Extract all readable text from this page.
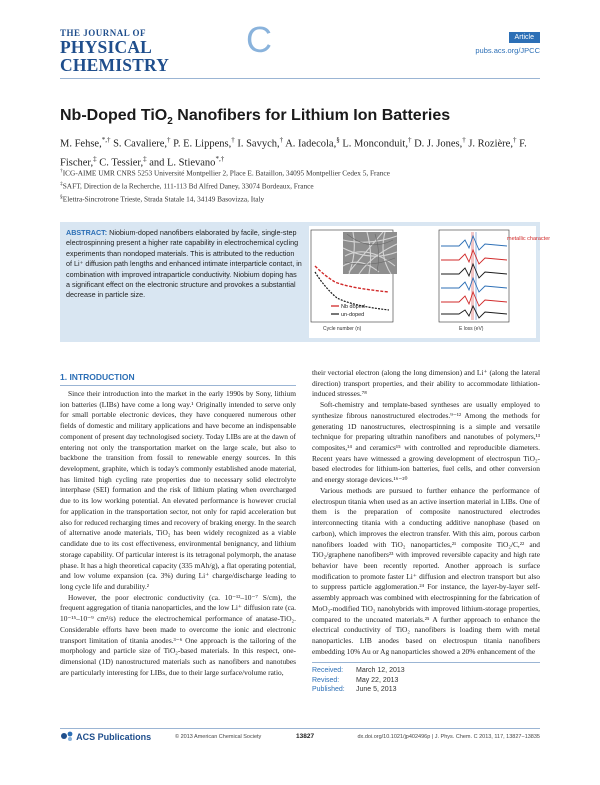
THE JOURNAL OF
PHYSICAL CHEMISTRY
C	Article
pubs.acs.org/JPCC
Nb-Doped TiO$_2$ Nanofibers for Lithium Ion Batteries
M. Fehse,*,† S. Cavaliere,† P. E. Lippens,† I. Savych,† A. Iadecola,§ L. Monconduit,† D. J. Jones,† J. Rozière,† F. Fischer,‡ C. Tessier,‡ and L. Stievano*,†
†ICG-AIME UMR CNRS 5253 Université Montpellier 2, Place E. Bataillon, 34095 Montpellier Cedex 5, France
‡SAFT, Direction de la Recherche, 111-113 Bd Alfred Daney, 33074 Bordeaux, France
§Elettra-Sincrotrone Trieste, Strada Statale 14, 34149 Basovizza, Italy
ABSTRACT: Niobium-doped nanofibers elaborated by facile, single-step electrospinning present a higher rate capability in electrochemical cycling experiments than nondoped materials. This is attributed to the reduction of Li⁺ diffusion path lengths and enhanced intimate interparticle contact, in combination with improved intraparticle conductivity. Niobium doping has a significant effect on the electronic structure and provokes a substantial decrease in particle size.
Nb doped
un-doped
Cycle number (n)
metallic character
E loss (eV)
1. INTRODUCTION

Since their introduction into the market in the early 1990s by Sony, lithium ion batteries (LIBs) have come a long way.¹ Originally intended to serve only for small portable electronic devices, they have conquered numerous other fields of domestic and military applications and have become an indispensable component of present day technologised society. Today LIBs are at the dawn of entering not only the transportation market on the large scale, but also to backbone the transition from fossil to renewable energy sources. In this development, graphite, which is today's commonly established anode material, has limited high cycling rate properties due to necessary solid electrolyte interphase (SEI) formation and the risk of lithium plating when overcharged due to its low working potential. An elevated performance is however crucial for application in the transportation sector, not only for rapid acceleration but also for reduced recharging times and recovery of braking energy. In the search of alternative anode materials, TiO₂ has been widely recognized as a viable candidate due to its cost effectiveness, environmental benignancy, and lithium storage capability. Of particular interest is its tetragonal polymorph, the anatase phase. It has a high theoretical capacity (335 mAh/g), a flat operating potential, and low volume expansion (ca. 3%) during Li⁺ charge/discharge leading to long cycle life and durability.²

However, the poor electronic conductivity (ca. 10⁻¹²–10⁻⁷ S/cm), the frequent aggregation of titania nanoparticles, and the low Li⁺ diffusion rate (ca. 10⁻¹⁵–10⁻⁹ cm²/s) reduce the electrochemical performance of anatase-TiO₂. Considerable efforts have been made to overcome the ionic and electronic transport limitation of titania anodes.³⁻⁶ One approach is the tailoring of the morphology and particle size of TiO₂-based materials. In this respect, one-dimensional (1D) nanostructured materials such as nanofibers and nanotubes are particularly interesting for LIBs, due to their large surface/volume ratio,

their vectorial electron (along the long dimension) and Li⁺ (along the lateral direction) transport properties, and their ability to accommodate lithiation-induced stresses.⁷⁸

Soft-chemistry and template-based syntheses are usually employed to synthesize fibrous nanostructured electrodes.⁹⁻¹² Among the methods for generating 1D nanostructures, electrospinning is a simple and versatile technique for preparing ultrathin nanofibers and nanotubes of polymers,¹³ composites,¹⁴ and ceramics¹⁵ with controlled and reproducible diameters. Recent years have witnessed a growing development of electrospun TiO₂-based electrodes for lithium-ion batteries, fuel cells, and other conversion and energy storage devices.¹⁶⁻²⁰

Various methods are pursued to further enhance the performance of electrospun titania when used as an active insertion material in LIBs. One of them is the preparation of composite nanostructured electrodes interconnecting titania with a conducting additive nanophase (based on carbon), which improves the electron transfer. With this aim, porous carbon nanofibers loaded with TiO₂ nanoparticles,²¹ composite TiO₂/C,²² and TiO₂/graphene nanofibers²³ with improved reversible capacity and high rate behavior have been recently reported. Another approach is surface modification to promote faster Li⁺ diffusion and electron transport but also to suppress particle agglomeration.²⁴ For instance, the layer-by-layer self-assembly approach was combined with electrospinning for the fabrication of MoO₂-modified TiO₂ nanohybrids with improved lithium-storage properties, compared to the uncoated materials.²⁵ A further approach to enhance the electrical conductivity of TiO₂ nanofibers is loading them with metal nanoparticles. LIB anodes based on electrospun titania nanofibers embedding 10% Au or Ag nanoparticles showed a 20% enhancement of the

Received: March 12, 2013
Revised: May 22, 2013
Published: June 5, 2013
ACS Publications	© 2013 American Chemical Society	13827	dx.doi.org/10.1021/jp402496p | J. Phys. Chem. C 2013, 117, 13827−13835
